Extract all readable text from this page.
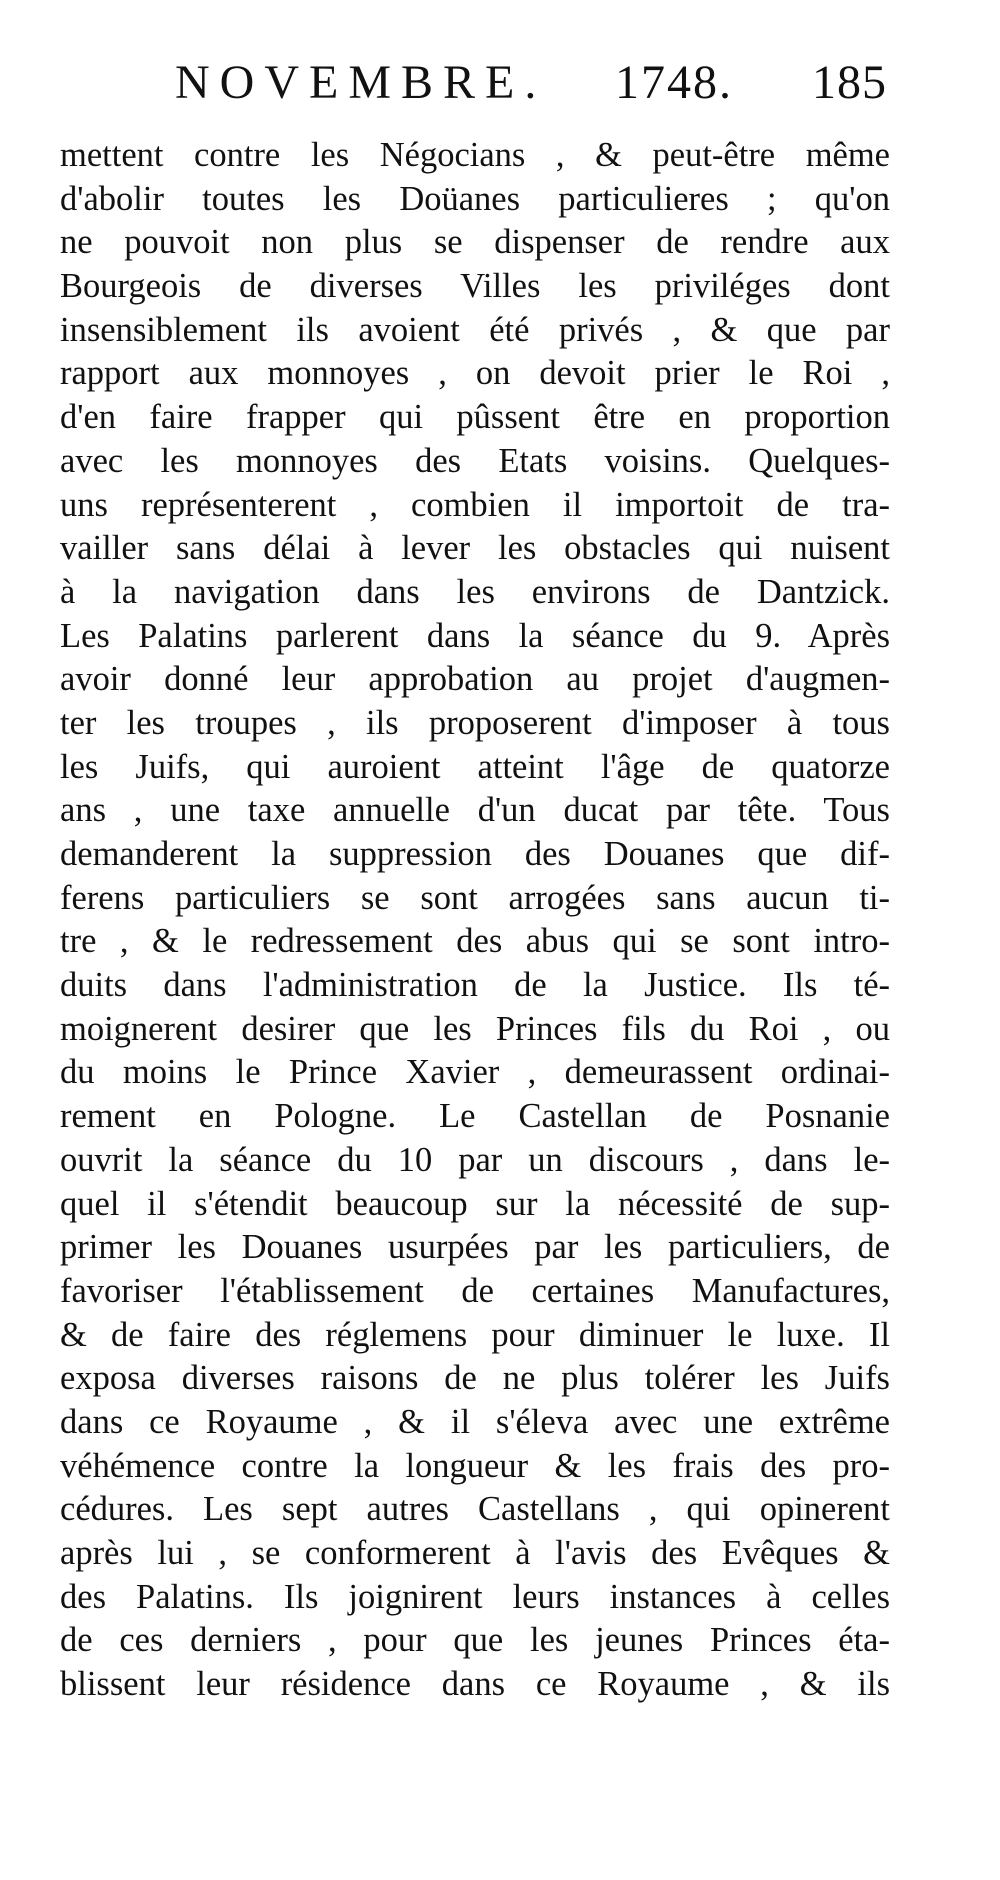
NOVEMBRE. 1748. 185
mettent contre les Négocians , & peut-être même
d'abolir toutes les Doüanes particulieres ; qu'on
ne pouvoit non plus se dispenser de rendre aux
Bourgeois de diverses Villes les priviléges dont
insensiblement ils avoient été privés , & que par
rapport aux monnoyes , on devoit prier le Roi ,
d'en faire frapper qui pûssent être en proportion
avec les monnoyes des Etats voisins. Quelques-
uns représenterent , combien il importoit de tra-
vailler sans délai à lever les obstacles qui nuisent
à la navigation dans les environs de Dantzick.
Les Palatins parlerent dans la séance du 9. Après
avoir donné leur approbation au projet d'augmen-
ter les troupes , ils proposerent d'imposer à tous
les Juifs, qui auroient atteint l'âge de quatorze
ans , une taxe annuelle d'un ducat par tête. Tous
demanderent la suppression des Douanes que dif-
ferens particuliers se sont arrogées sans aucun ti-
tre , & le redressement des abus qui se sont intro-
duits dans l'administration de la Justice. Ils té-
moignerent desirer que les Princes fils du Roi , ou
du moins le Prince Xavier , demeurassent ordinai-
rement en Pologne. Le Castellan de Posnanie
ouvrit la séance du 10 par un discours , dans le-
quel il s'étendit beaucoup sur la nécessité de sup-
primer les Douanes usurpées par les particuliers, de
favoriser l'établissement de certaines Manufactures,
& de faire des réglemens pour diminuer le luxe. Il
exposa diverses raisons de ne plus tolérer les Juifs
dans ce Royaume , & il s'éleva avec une extrême
véhémence contre la longueur & les frais des pro-
cédures. Les sept autres Castellans , qui opinerent
après lui , se conformerent à l'avis des Evêques &
des Palatins. Ils joignirent leurs instances à celles
de ces derniers , pour que les jeunes Princes éta-
blissent leur résidence dans ce Royaume , & ils
